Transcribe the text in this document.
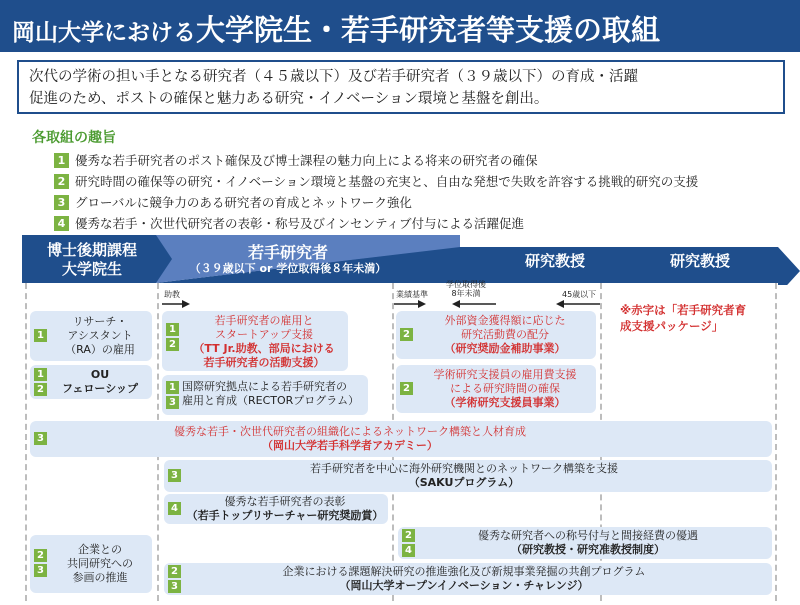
岡山大学における大学院生・若手研究者等支援の取組
次代の学術の担い手となる研究者（４５歳以下）及び若手研究者（３９歳以下）の育成・活躍
促進のため、ポストの確保と魅力ある研究・イノベーション環境と基盤を創出。
各取組の趣旨
1 優秀な若手研究者のポスト確保及び博士課程の魅力向上による将来の研究者の確保
2 研究時間の確保等の研究・イノベーション環境と基盤の充実と、自由な発想で失敗を許容する挑戦的研究の支援
3 グローバルに競争力のある研究者の育成とネットワーク強化
4 優秀な若手・次世代研究者の表彰・称号及びインセンティブ付与による活躍促進
博士後期課程
大学院生
若手研究者
（３９歳以下 or 学位取得後８年未満）	研究教授	研究教授
助教	業績基準
学位取得後
8年未満	45歳以下
※赤字は「若手研究者育
成支援パッケージ」
1
リサーチ・
アシスタント
（RA）の雇用
1
2
OU
フェローシップ
1
2
若手研究者の雇用と
スタートアップ支援
（TT Jr.助教、部局における
若手研究者の活動支援）
1
3
国際研究拠点による若手研究者の
雇用と育成（RECTORプログラム）
2
外部資金獲得額に応じた
研究活動費の配分
（研究奨励金補助事業）
2
学術研究支援員の雇用費支援
による研究時間の確保
（学術研究支援員事業）
3
優秀な若手・次世代研究者の組織化によるネットワーク構築と人材育成
（岡山大学若手科学者アカデミー）
3
若手研究者を中心に海外研究機関とのネットワーク構築を支援
（SAKUプログラム）
4
優秀な若手研究者の表彰
（若手トップリサーチャー研究奨励賞）
2
4
優秀な研究者への称号付与と間接経費の優遇
（研究教授・研究准教授制度）
2
3
企業との
共同研究への
参画の推進	2
3
企業における課題解決研究の推進強化及び新規事業発掘の共創プログラム
（岡山大学オープンイノベーション・チャレンジ）
